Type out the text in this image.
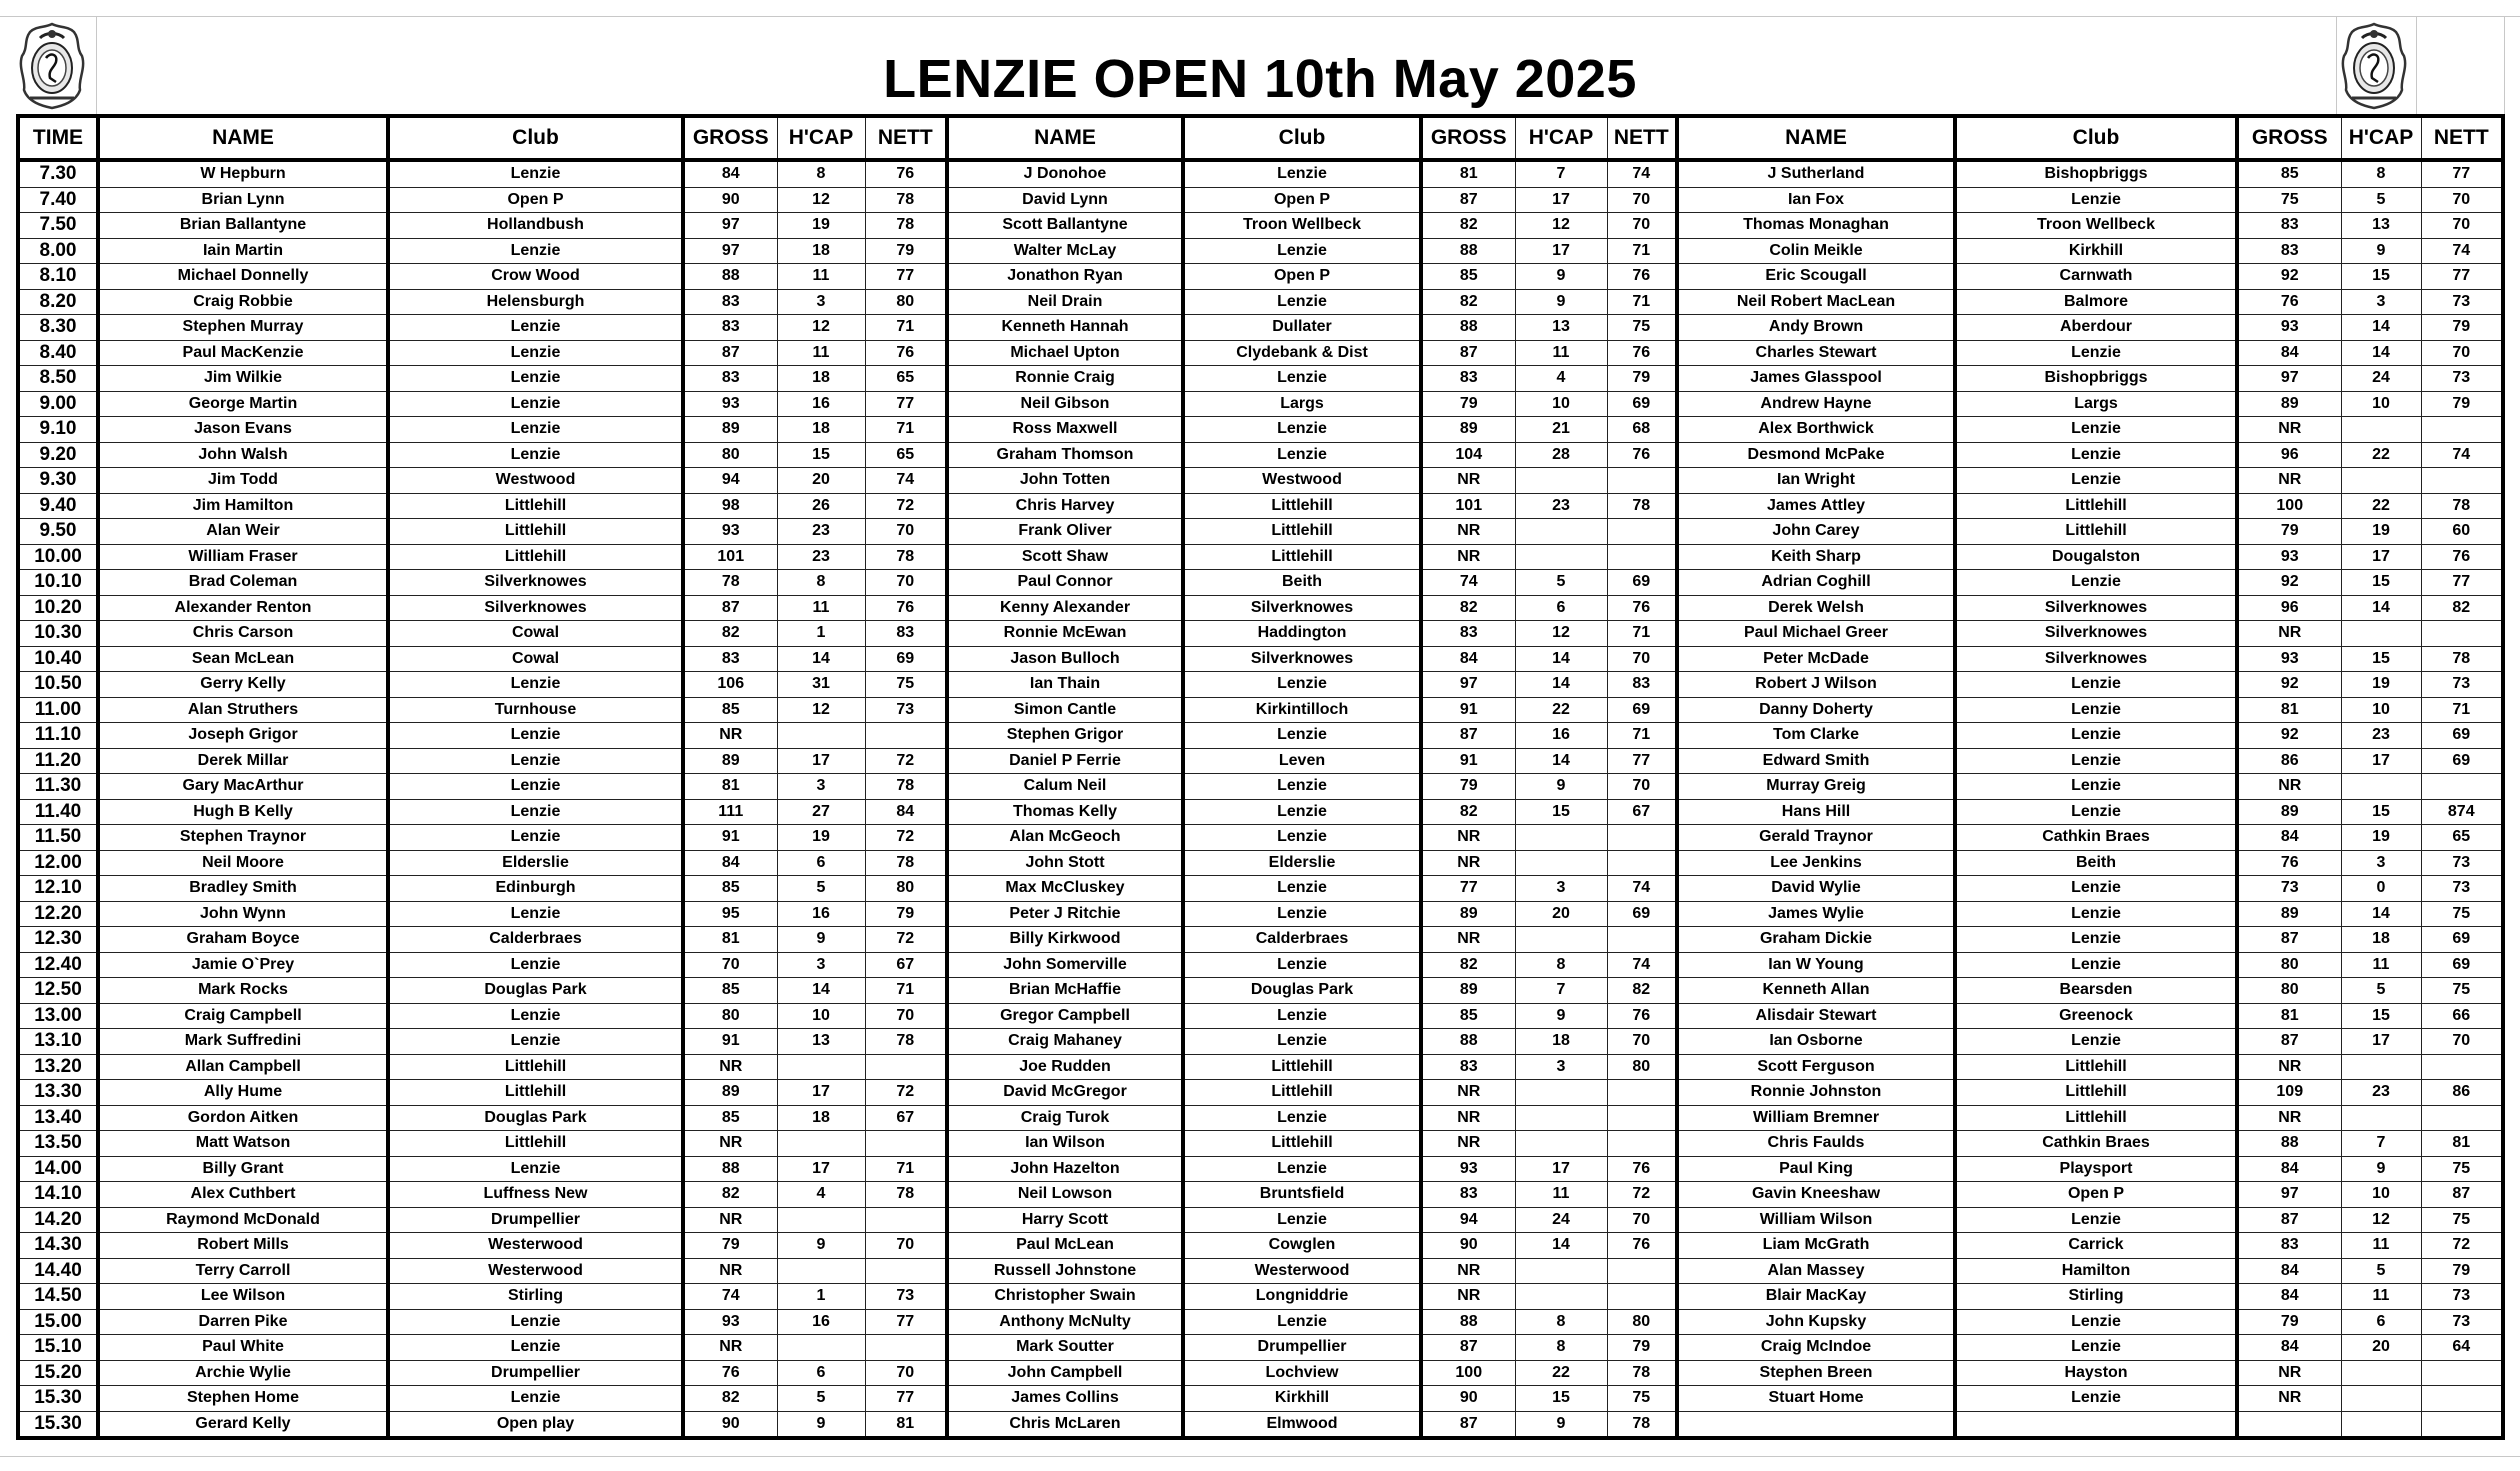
LENZIE OPEN 10th May 2025
TIME	NAME	Club	GROSS	H'CAP	NETT	NAME	Club	GROSS	H'CAP	NETT	NAME	Club	GROSS	H'CAP	NETT
7.30	W Hepburn	Lenzie	84	8	76	J Donohoe	Lenzie	81	7	74	J Sutherland	Bishopbriggs	85	8	77
7.40	Brian Lynn	Open P	90	12	78	David Lynn	Open P	87	17	70	Ian Fox	Lenzie	75	5	70
7.50	Brian Ballantyne	Hollandbush	97	19	78	Scott Ballantyne	Troon Wellbeck	82	12	70	Thomas Monaghan	Troon Wellbeck	83	13	70
8.00	Iain Martin	Lenzie	97	18	79	Walter McLay	Lenzie	88	17	71	Colin Meikle	Kirkhill	83	9	74
8.10	Michael Donnelly	Crow Wood	88	11	77	Jonathon Ryan	Open P	85	9	76	Eric Scougall	Carnwath	92	15	77
8.20	Craig Robbie	Helensburgh	83	3	80	Neil Drain	Lenzie	82	9	71	Neil Robert MacLean	Balmore	76	3	73
8.30	Stephen Murray	Lenzie	83	12	71	Kenneth Hannah	Dullater	88	13	75	Andy Brown	Aberdour	93	14	79
8.40	Paul MacKenzie	Lenzie	87	11	76	Michael Upton	Clydebank & Dist	87	11	76	Charles Stewart	Lenzie	84	14	70
8.50	Jim Wilkie	Lenzie	83	18	65	Ronnie Craig	Lenzie	83	4	79	James Glasspool	Bishopbriggs	97	24	73
9.00	George Martin	Lenzie	93	16	77	Neil Gibson	Largs	79	10	69	Andrew Hayne	Largs	89	10	79
9.10	Jason Evans	Lenzie	89	18	71	Ross Maxwell	Lenzie	89	21	68	Alex Borthwick	Lenzie	NR		
9.20	John Walsh	Lenzie	80	15	65	Graham Thomson	Lenzie	104	28	76	Desmond McPake	Lenzie	96	22	74
9.30	Jim Todd	Westwood	94	20	74	John Totten	Westwood	NR			Ian Wright	Lenzie	NR		
9.40	Jim Hamilton	Littlehill	98	26	72	Chris Harvey	Littlehill	101	23	78	James Attley	Littlehill	100	22	78
9.50	Alan Weir	Littlehill	93	23	70	Frank Oliver	Littlehill	NR			John Carey	Littlehill	79	19	60
10.00	William Fraser	Littlehill	101	23	78	Scott Shaw	Littlehill	NR			Keith Sharp	Dougalston	93	17	76
10.10	Brad Coleman	Silverknowes	78	8	70	Paul Connor	Beith	74	5	69	Adrian Coghill	Lenzie	92	15	77
10.20	Alexander Renton	Silverknowes	87	11	76	Kenny Alexander	Silverknowes	82	6	76	Derek Welsh	Silverknowes	96	14	82
10.30	Chris Carson	Cowal	82	1	83	Ronnie McEwan	Haddington	83	12	71	Paul Michael Greer	Silverknowes	NR		
10.40	Sean McLean	Cowal	83	14	69	Jason Bulloch	Silverknowes	84	14	70	Peter McDade	Silverknowes	93	15	78
10.50	Gerry Kelly	Lenzie	106	31	75	Ian Thain	Lenzie	97	14	83	Robert J Wilson	Lenzie	92	19	73
11.00	Alan Struthers	Turnhouse	85	12	73	Simon Cantle	Kirkintilloch	91	22	69	Danny Doherty	Lenzie	81	10	71
11.10	Joseph Grigor	Lenzie	NR			Stephen Grigor	Lenzie	87	16	71	Tom Clarke	Lenzie	92	23	69
11.20	Derek Millar	Lenzie	89	17	72	Daniel P Ferrie	Leven	91	14	77	Edward Smith	Lenzie	86	17	69
11.30	Gary MacArthur	Lenzie	81	3	78	Calum Neil	Lenzie	79	9	70	Murray Greig	Lenzie	NR		
11.40	Hugh B Kelly	Lenzie	111	27	84	Thomas Kelly	Lenzie	82	15	67	Hans Hill	Lenzie	89	15	874
11.50	Stephen Traynor	Lenzie	91	19	72	Alan McGeoch	Lenzie	NR			Gerald Traynor	Cathkin Braes	84	19	65
12.00	Neil Moore	Elderslie	84	6	78	John Stott	Elderslie	NR			Lee Jenkins	Beith	76	3	73
12.10	Bradley Smith	Edinburgh	85	5	80	Max McCluskey	Lenzie	77	3	74	David Wylie	Lenzie	73	0	73
12.20	John Wynn	Lenzie	95	16	79	Peter J Ritchie	Lenzie	89	20	69	James Wylie	Lenzie	89	14	75
12.30	Graham Boyce	Calderbraes	81	9	72	Billy Kirkwood	Calderbraes	NR			Graham Dickie	Lenzie	87	18	69
12.40	Jamie O`Prey	Lenzie	70	3	67	John Somerville	Lenzie	82	8	74	Ian W Young	Lenzie	80	11	69
12.50	Mark Rocks	Douglas Park	85	14	71	Brian McHaffie	Douglas Park	89	7	82	Kenneth Allan	Bearsden	80	5	75
13.00	Craig Campbell	Lenzie	80	10	70	Gregor Campbell	Lenzie	85	9	76	Alisdair Stewart	Greenock	81	15	66
13.10	Mark Suffredini	Lenzie	91	13	78	Craig Mahaney	Lenzie	88	18	70	Ian Osborne	Lenzie	87	17	70
13.20	Allan Campbell	Littlehill	NR			Joe Rudden	Littlehill	83	3	80	Scott Ferguson	Littlehill	NR		
13.30	Ally Hume	Littlehill	89	17	72	David McGregor	Littlehill	NR			Ronnie Johnston	Littlehill	109	23	86
13.40	Gordon Aitken	Douglas Park	85	18	67	Craig Turok	Lenzie	NR			William Bremner	Littlehill	NR		
13.50	Matt Watson	Littlehill	NR			Ian Wilson	Littlehill	NR			Chris Faulds	Cathkin Braes	88	7	81
14.00	Billy Grant	Lenzie	88	17	71	John Hazelton	Lenzie	93	17	76	Paul King	Playsport	84	9	75
14.10	Alex Cuthbert	Luffness New	82	4	78	Neil Lowson	Bruntsfield	83	11	72	Gavin Kneeshaw	Open P	97	10	87
14.20	Raymond McDonald	Drumpellier	NR			Harry Scott	Lenzie	94	24	70	William Wilson	Lenzie	87	12	75
14.30	Robert Mills	Westerwood	79	9	70	Paul McLean	Cowglen	90	14	76	Liam McGrath	Carrick	83	11	72
14.40	Terry Carroll	Westerwood	NR			Russell Johnstone	Westerwood	NR			Alan Massey	Hamilton	84	5	79
14.50	Lee Wilson	Stirling	74	1	73	Christopher Swain	Longniddrie	NR			Blair MacKay	Stirling	84	11	73
15.00	Darren Pike	Lenzie	93	16	77	Anthony McNulty	Lenzie	88	8	80	John Kupsky	Lenzie	79	6	73
15.10	Paul White	Lenzie	NR			Mark Soutter	Drumpellier	87	8	79	Craig McIndoe	Lenzie	84	20	64
15.20	Archie Wylie	Drumpellier	76	6	70	John Campbell	Lochview	100	22	78	Stephen Breen	Hayston	NR		
15.30	Stephen Home	Lenzie	82	5	77	James Collins	Kirkhill	90	15	75	Stuart Home	Lenzie	NR		
15.30	Gerard Kelly	Open play	90	9	81	Chris McLaren	Elmwood	87	9	78					
